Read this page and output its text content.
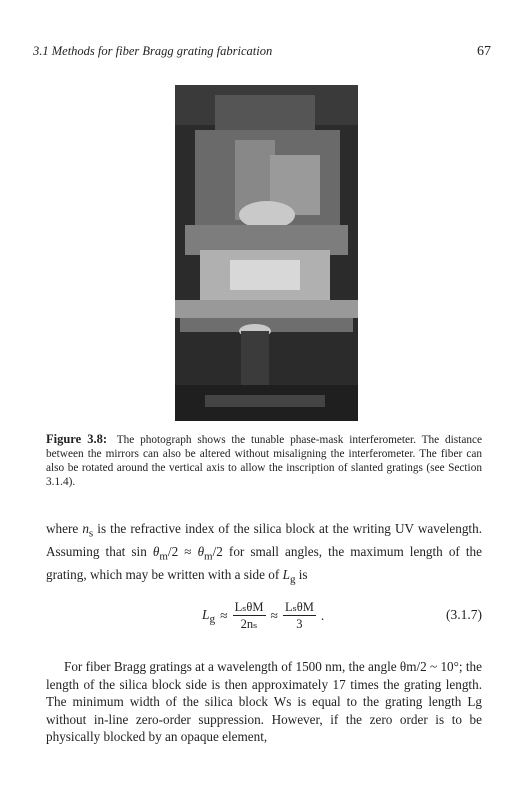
3.1 Methods for fiber Bragg grating fabrication	67
Figure 3.8: The photograph shows the tunable phase-mask interferometer. The distance between the mirrors can also be altered without misaligning the interferometer. The fiber can also be rotated around the vertical axis to allow the inscription of slanted gratings (see Section 3.1.4).
where $n_s$ is the refractive index of the silica block at the writing UV wavelength. Assuming that $\sin \theta_m/2 \approx \theta_m/2$ for small angles, the maximum length of the grating, which may be written with a side of $L_g$ is
$L_g \approx \frac{\text{LₛθM}}{\text{2nₛ}} \approx \frac{\text{LₛθM}}{3}$ .	(3.1.7)
For fiber Bragg gratings at a wavelength of 1500 nm, the angle θm/2 ~ 10°; the length of the silica block side is then approximately 17 times the grating length. The minimum width of the silica block Ws is equal to the grating length Lg without in-line zero-order suppression. However, if the zero order is to be physically blocked by an opaque element,
